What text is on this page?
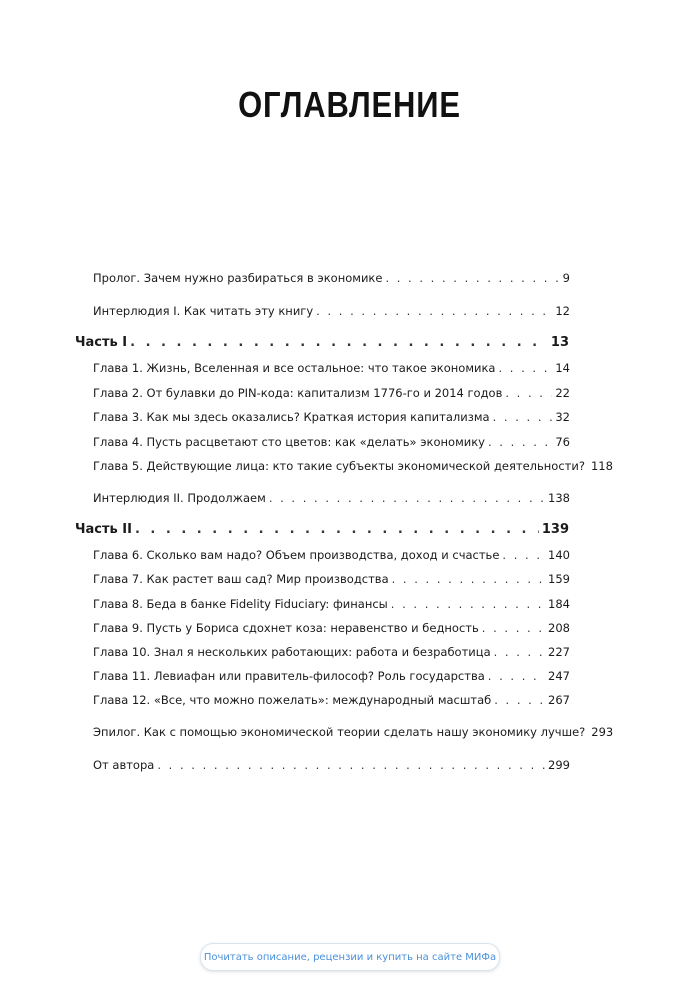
ОГЛАВЛЕНИЕ
Пролог. Зачем нужно разбираться в экономике . . .	9
Интерлюдия I. Как читать эту книгу . . .	12
Часть I . . .	13
Глава 1. Жизнь, Вселенная и все остальное: что такое экономика . . .	14
Глава 2. От булавки до PIN-кода: капитализм 1776-го и 2014 годов . . .	22
Глава 3. Как мы здесь оказались? Краткая история капитализма . . .	32
Глава 4. Пусть расцветают сто цветов: как «делать» экономику . . .	76
Глава 5. Действующие лица: кто такие субъекты экономической деятельности? 118
Интерлюдия II. Продолжаем . . .	138
Часть II . . .	139
Глава 6. Сколько вам надо? Объем производства, доход и счастье . . .	140
Глава 7. Как растет ваш сад? Мир производства . . .	159
Глава 8. Беда в банке Fidelity Fiduciary: финансы . . .	184
Глава 9. Пусть у Бориса сдохнет коза: неравенство и бедность . . .	208
Глава 10. Знал я нескольких работающих: работа и безработица . . .	227
Глава 11. Левиафан или правитель-философ? Роль государства . . .	247
Глава 12. «Все, что можно пожелать»: международный масштаб . . .	267
Эпилог. Как с помощью экономической теории сделать нашу экономику лучше? 293
От автора . . .	299
Почитать описание, рецензии и купить на сайте МИФа
